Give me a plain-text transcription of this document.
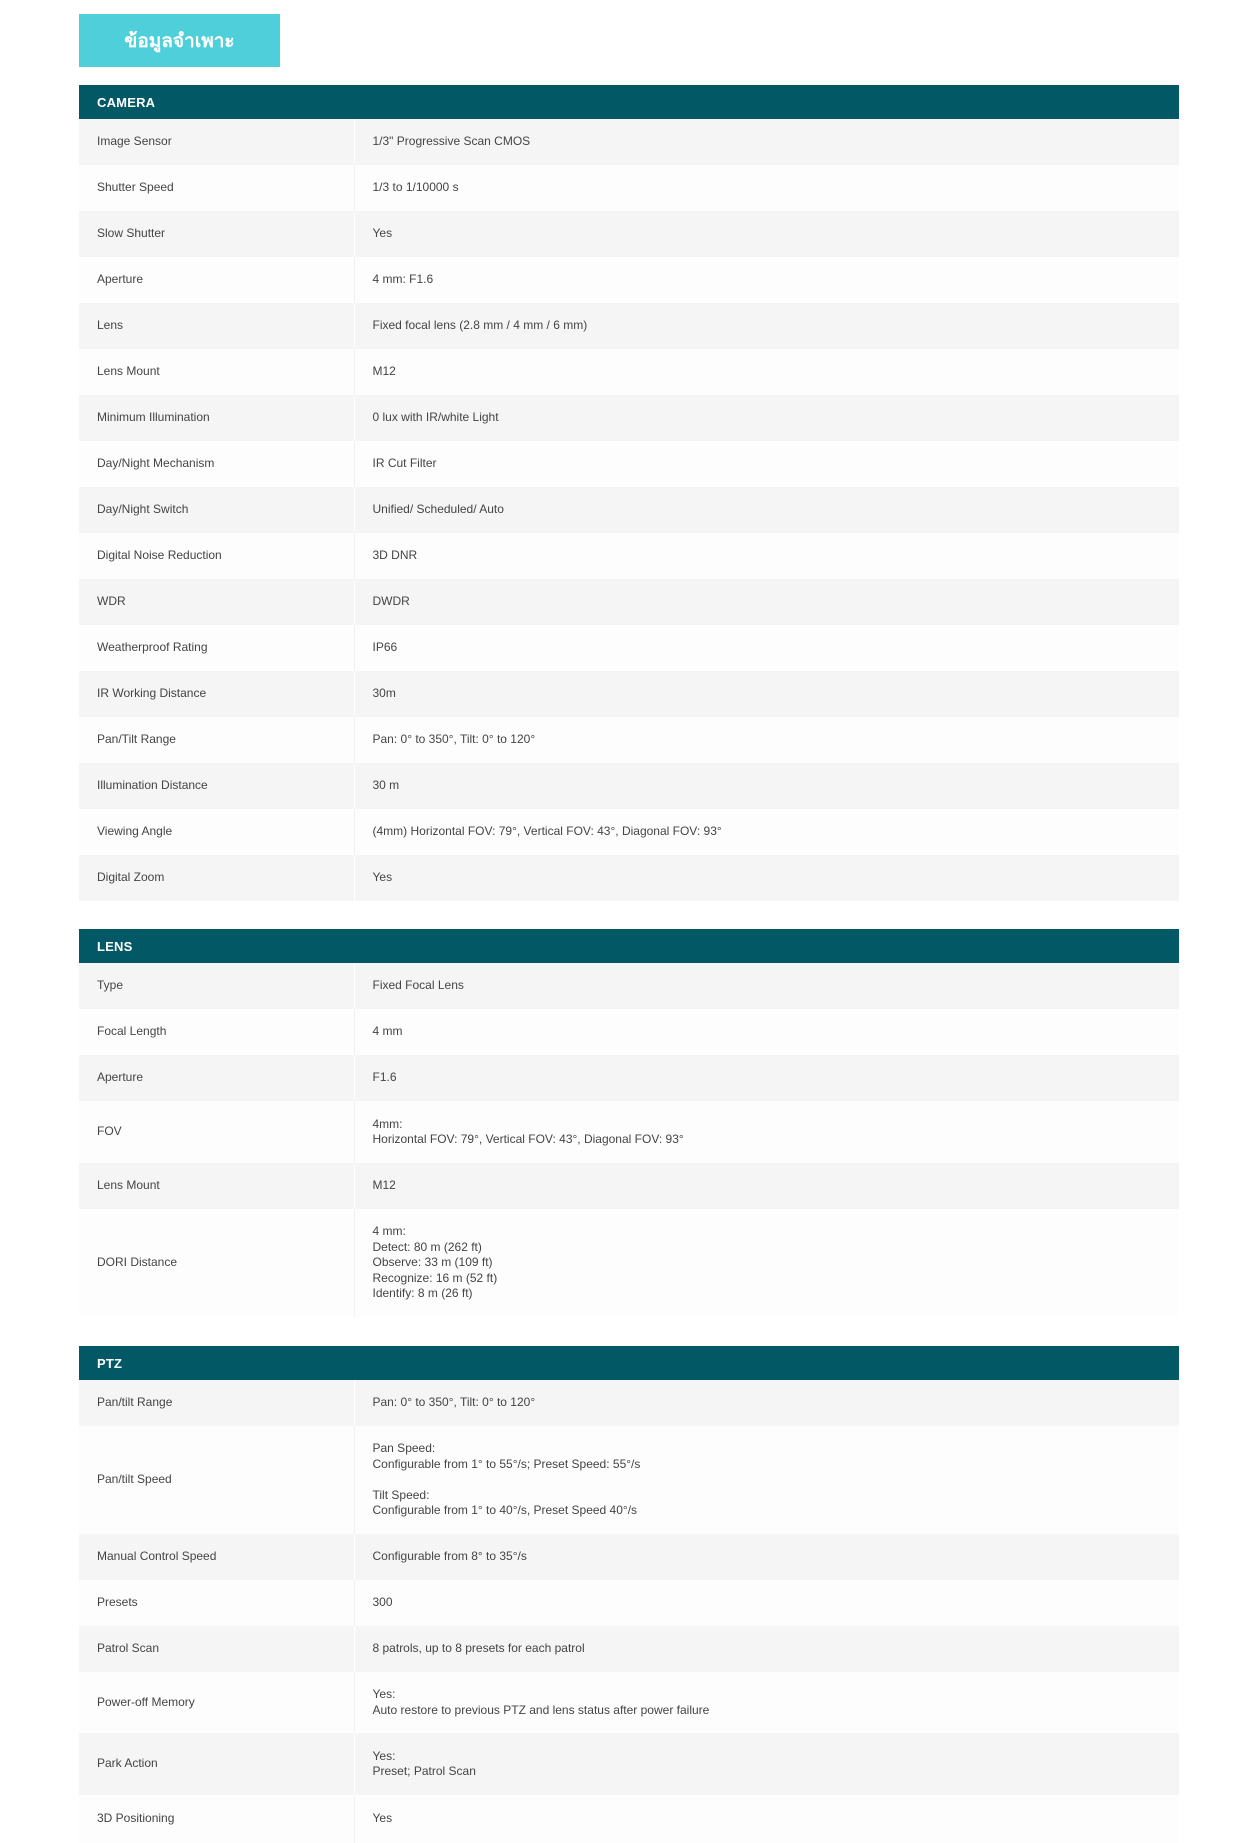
ข้อมูลจำเพาะ
CAMERA
Image Sensor	1/3" Progressive Scan CMOS
Shutter Speed	1/3 to 1/10000 s
Slow Shutter	Yes
Aperture	4 mm: F1.6
Lens	Fixed focal lens (2.8 mm / 4 mm / 6 mm)
Lens Mount	M12
Minimum Illumination	0 lux with IR/white Light
Day/Night Mechanism	IR Cut Filter
Day/Night Switch	Unified/ Scheduled/ Auto
Digital Noise Reduction	3D DNR
WDR	DWDR
Weatherproof Rating	IP66
IR Working Distance	30m
Pan/Tilt Range	Pan: 0° to 350°, Tilt: 0° to 120°
Illumination Distance	30 m
Viewing Angle	(4mm) Horizontal FOV: 79°, Vertical FOV: 43°, Diagonal FOV: 93°
Digital Zoom	Yes
LENS
Type	Fixed Focal Lens
Focal Length	4 mm
Aperture	F1.6
FOV	4mm:
Horizontal FOV: 79°, Vertical FOV: 43°, Diagonal FOV: 93°
Lens Mount	M12
DORI Distance	4 mm:
Detect: 80 m (262 ft)
Observe: 33 m (109 ft)
Recognize: 16 m (52 ft)
Identify: 8 m (26 ft)
PTZ
Pan/tilt Range	Pan: 0° to 350°, Tilt: 0° to 120°
Pan/tilt Speed	Pan Speed:
Configurable from 1° to 55°/s; Preset Speed: 55°/s

Tilt Speed:
Configurable from 1° to 40°/s, Preset Speed 40°/s
Manual Control Speed	Configurable from 8° to 35°/s
Presets	300
Patrol Scan	8 patrols, up to 8 presets for each patrol
Power-off Memory	Yes:
Auto restore to previous PTZ and lens status after power failure
Park Action	Yes:
Preset; Patrol Scan
3D Positioning	Yes
